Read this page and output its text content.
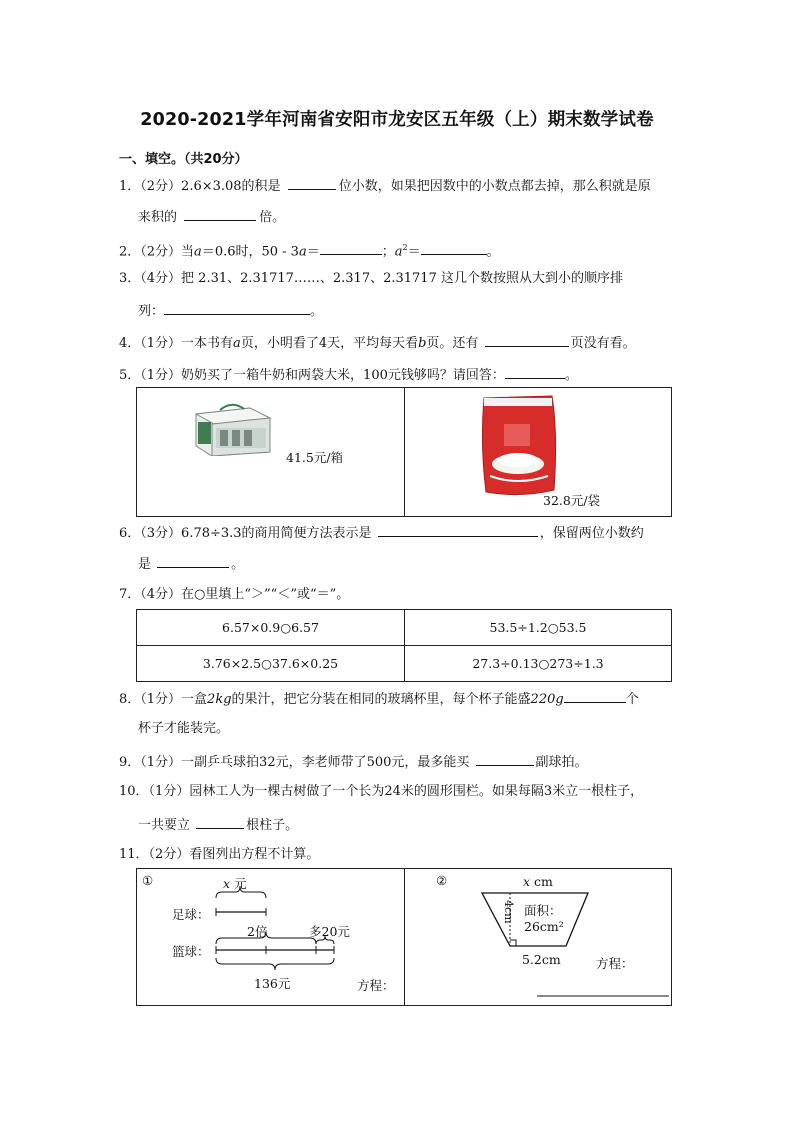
2020-2021学年河南省安阳市龙安区五年级（上）期末数学试卷
一、填空。（共20分）
1．（2分）2.6×3.08的积是	位小数，如果把因数中的小数点都去掉，那么积就是原
来积的	倍。
2．（2分）当a＝0.6时，50 - 3a＝	；$a^2=$	。
3．（4分）把 2.31、2.31717……、2.317、2.31717 这几个数按照从大到小的顺序排
列：	。
4．（1分）一本书有a页，小明看了4天，平均每天看b页。还有	页没有看。
5．（1分）奶奶买了一箱牛奶和两袋大米，100元钱够吗？请回答：	。

41.5元/箱
32.8元/袋
6．（3分）6.78÷3.3的商用简便方法表示是	，保留两位小数约
是	。
7．（4分）在○里填上“＞”“＜”或“＝”。
6.57×0.9○6.57	53.5÷1.2○53.5
3.76×2.5○37.6×0.25	27.3÷0.13○273÷1.3
8．（1分）一盒2kg的果汁，把它分装在相同的玻璃杯里，每个杯子能盛220g	个
杯子才能装完。
9．（1分）一副乒乓球拍32元，李老师带了500元，最多能买	副球拍。
10．（1分）园林工人为一棵古树做了一个长为24米的圆形围栏。如果每隔3米立一根柱子，
一共要立	根柱子。
11．（2分）看图列出方程不计算。

①	x 元
足球：
篮球：
2倍	多20元
136元	方程：
②	x cm
4cm 面积：
26cm²
5.2cm	方程：
